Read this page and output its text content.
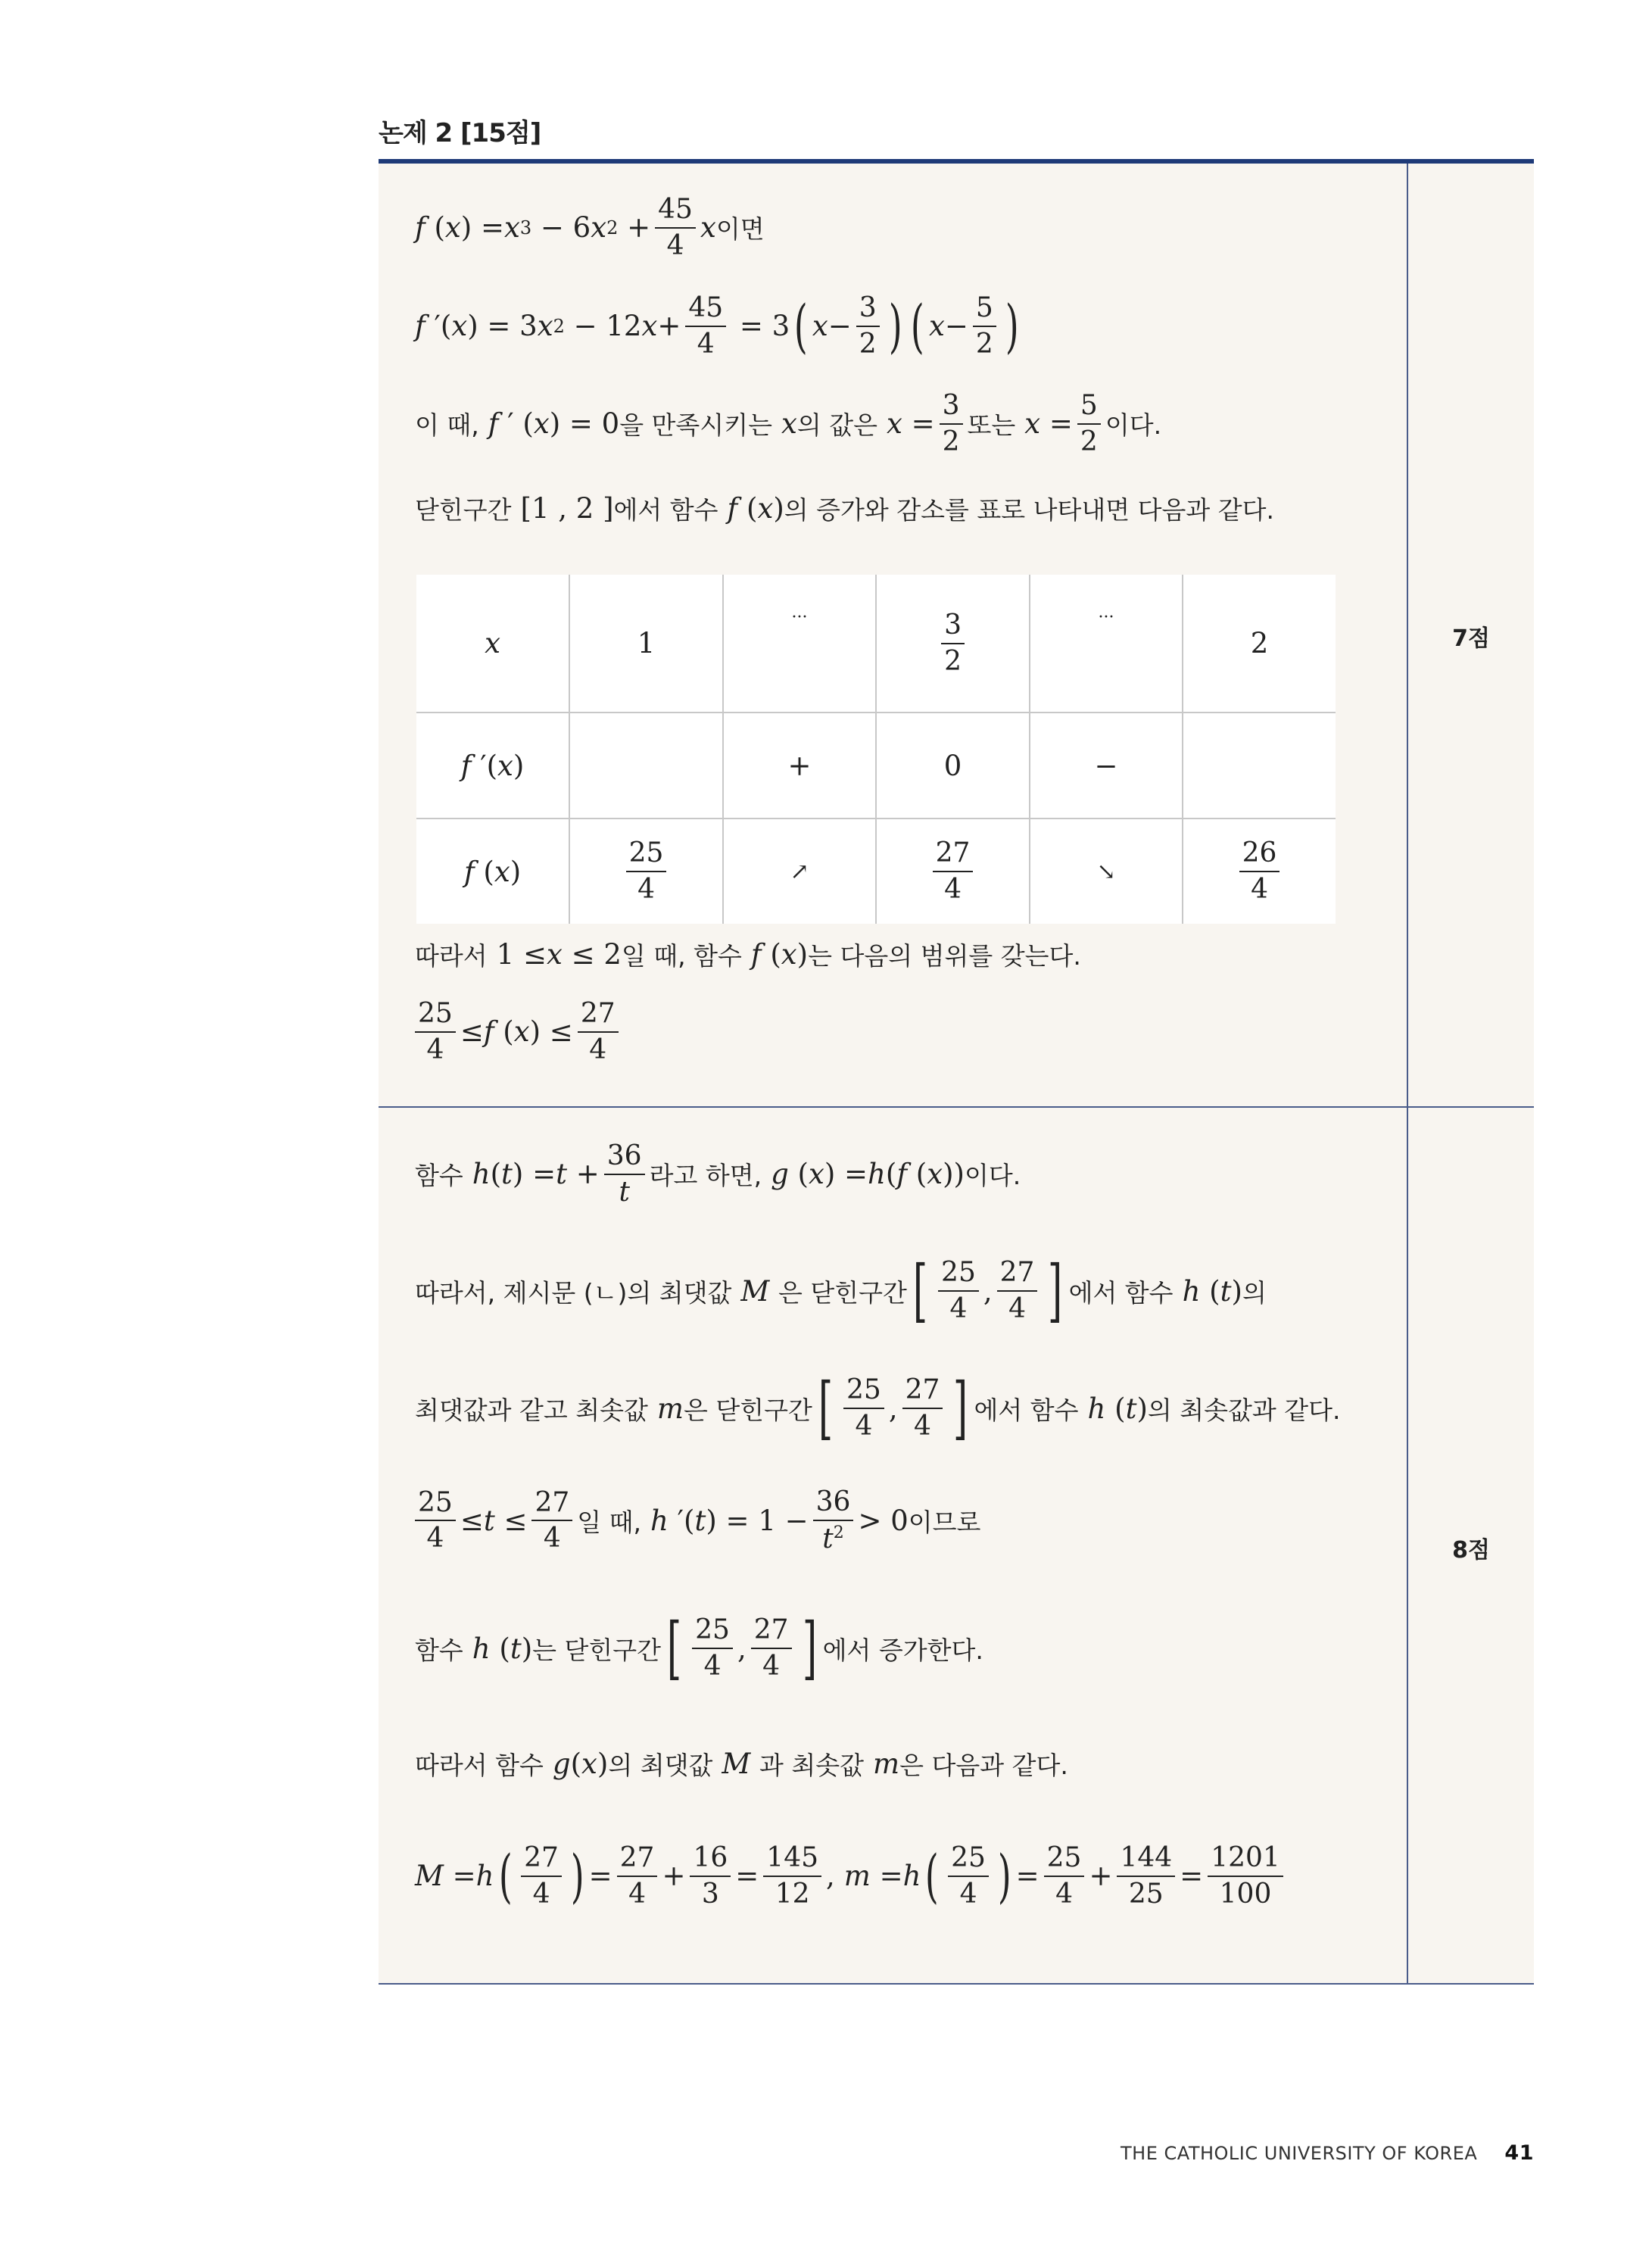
논제 2 [15점]
7점
8점
f ( x ) = x 3 − 6 x $2 + \frac{45}{4}$ x 이면
f ′( x ) = 3 x 2 − 12 $x + \frac{45}{4} = 3$ ( $x - \frac{3}{2}$ ) ( $x - \frac{5}{2}$ )
이 때, f ′ ( x ) = 0 을 만족시키는 x 의 값은 $x = \frac{3}{2}$ 또는 $x = \frac{5}{2}$ 이다.
닫힌구간 [1 , 2 ] 에서 함수 f ( x ) 의 증가와 감소를 표로 나타내면 다음과 같다.
x	1	···	$\frac{3}{2}$	···	2
f ′(x)		+	0	−	
f (x)	$\frac{25}{4}$	↗	$\frac{27}{4}$	↘	$\frac{26}{4}$
따라서 1 ≤ x ≤ 2 일 때, 함수 f ( x ) 는 다음의 범위를 갖는다.
$\frac{25}{4} \le f$ ( x ) ≤ $\frac{27}{4}$
함수 h ( t ) = $t + \frac{36}{t}$ 라고 하면, g ( x ) = h ( f ( x )) 이다.
따라서, 제시문 (ㄴ)의 최댓값 M
은 닫힌구간 [ $\frac{25}{4}$ , $\frac{27}{4}$ ] 에서 함수 h ( t ) 의
최댓값과 같고 최솟값 m 은 닫힌구간 [ $\frac{25}{4}$ , $\frac{27}{4}$ ] 에서 함수 h ( t ) 의 최솟값과 같다.
$\frac{25}{4} \le t \le \frac{27}{4}$ 일 때, h ′( t ) = $1 - \frac{36}{t^2} > 0$ 이므로
함수 h ( t ) 는 닫힌구간 [ $\frac{25}{4}$ , $\frac{27}{4}$ ] 에서 증가한다.
따라서 함수 g ( x ) 의 최댓값 M
과 최솟값 m 은 다음과 같다.
M = h ( $\frac{27}{4}$ ) = $\frac{27}{4} + \frac{16}{3} = \frac{145}{12}$ , m = h ( $\frac{25}{4}$ ) = $\frac{25}{4} + \frac{144}{25} = \frac{1201}{100}$
THE CATHOLIC UNIVERSITY OF KOREA 41
